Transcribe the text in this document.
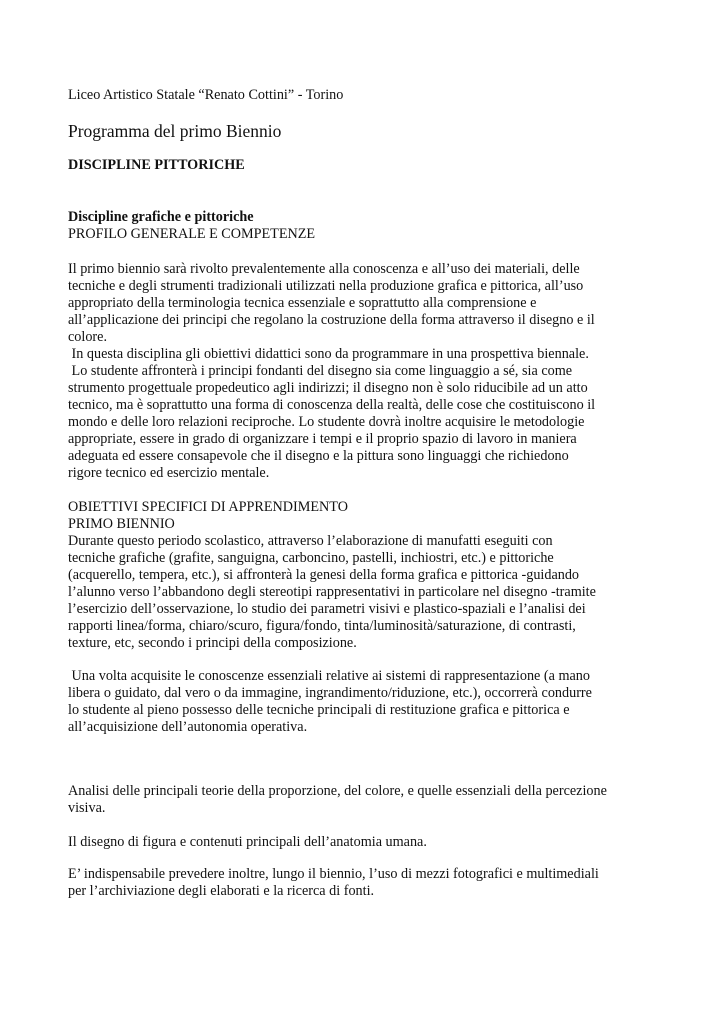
Liceo Artistico Statale “Renato Cottini” - Torino
Programma del primo Biennio
DISCIPLINE PITTORICHE
Discipline grafiche e pittoriche
PROFILO GENERALE E COMPETENZE
Il primo biennio sarà rivolto prevalentemente alla conoscenza e all’uso dei materiali, delle
tecniche e degli strumenti tradizionali utilizzati nella produzione grafica e pittorica, all’uso
appropriato della terminologia tecnica essenziale e soprattutto alla comprensione e
all’applicazione dei principi che regolano la costruzione della forma attraverso il disegno e il
colore.
In questa disciplina gli obiettivi didattici sono da programmare in una prospettiva biennale.
Lo studente affronterà i principi fondanti del disegno sia come linguaggio a sé, sia come
strumento progettuale propedeutico agli indirizzi; il disegno non è solo riducibile ad un atto
tecnico, ma è soprattutto una forma di conoscenza della realtà, delle cose che costituiscono il
mondo e delle loro relazioni reciproche. Lo studente dovrà inoltre acquisire le metodologie
appropriate, essere in grado di organizzare i tempi e il proprio spazio di lavoro in maniera
adeguata ed essere consapevole che il disegno e la pittura sono linguaggi che richiedono
rigore tecnico ed esercizio mentale.
OBIETTIVI SPECIFICI DI APPRENDIMENTO
PRIMO BIENNIO
Durante questo periodo scolastico, attraverso l’elaborazione di manufatti eseguiti con
tecniche grafiche (grafite, sanguigna, carboncino, pastelli, inchiostri, etc.) e pittoriche
(acquerello, tempera, etc.), si affronterà la genesi della forma grafica e pittorica -guidando
l’alunno verso l’abbandono degli stereotipi rappresentativi in particolare nel disegno -tramite
l’esercizio dell’osservazione, lo studio dei parametri visivi e plastico-spaziali e l’analisi dei
rapporti linea/forma, chiaro/scuro, figura/fondo, tinta/luminosità/saturazione, di contrasti,
texture, etc, secondo i principi della composizione.
Una volta acquisite le conoscenze essenziali relative ai sistemi di rappresentazione (a mano
libera o guidato, dal vero o da immagine, ingrandimento/riduzione, etc.), occorrerà condurre
lo studente al pieno possesso delle tecniche principali di restituzione grafica e pittorica e
all’acquisizione dell’autonomia operativa.
Analisi delle principali teorie della proporzione, del colore, e quelle essenziali della percezione
visiva.
Il disegno di figura e contenuti principali dell’anatomia umana.
E’ indispensabile prevedere inoltre, lungo il biennio, l’uso di mezzi fotografici e multimediali
per l’archiviazione degli elaborati e la ricerca di fonti.
